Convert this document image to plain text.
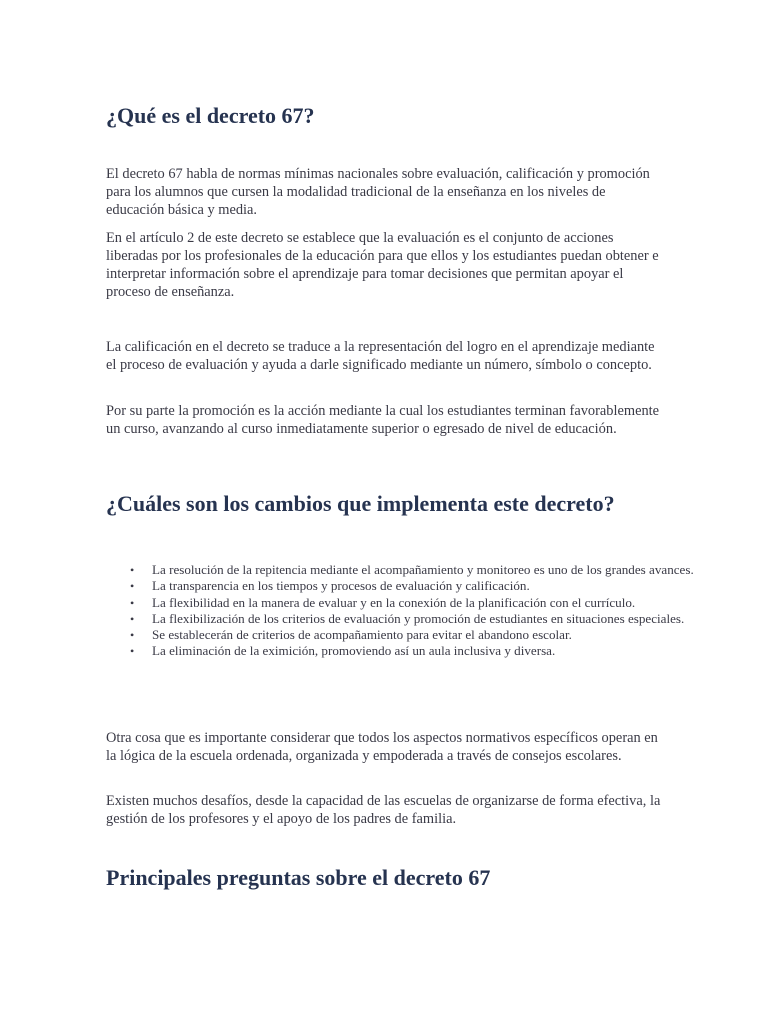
¿Qué es el decreto 67?

El decreto 67 habla de normas mínimas nacionales sobre evaluación, calificación y promoción para los alumnos que cursen la modalidad tradicional de la enseñanza en los niveles de educación básica y media.

En el artículo 2 de este decreto se establece que la evaluación es el conjunto de acciones liberadas por los profesionales de la educación para que ellos y los estudiantes puedan obtener e interpretar información sobre el aprendizaje para tomar decisiones que permitan apoyar el proceso de enseñanza.

La calificación en el decreto se traduce a la representación del logro en el aprendizaje mediante el proceso de evaluación y ayuda a darle significado mediante un número, símbolo o concepto.

Por su parte la promoción es la acción mediante la cual los estudiantes terminan favorablemente un curso, avanzando al curso inmediatamente superior o egresado de nivel de educación.

¿Cuáles son los cambios que implementa este decreto?
• La resolución de la repitencia mediante el acompañamiento y monitoreo es uno de los grandes avances.
• La transparencia en los tiempos y procesos de evaluación y calificación.
• La flexibilidad en la manera de evaluar y en la conexión de la planificación con el currículo.
• La flexibilización de los criterios de evaluación y promoción de estudiantes en situaciones especiales.
• Se establecerán de criterios de acompañamiento para evitar el abandono escolar.
• La eliminación de la eximición, promoviendo así un aula inclusiva y diversa.

Otra cosa que es importante considerar que todos los aspectos normativos específicos operan en la lógica de la escuela ordenada, organizada y empoderada a través de consejos escolares.

Existen muchos desafíos, desde la capacidad de las escuelas de organizarse de forma efectiva, la gestión de los profesores y el apoyo de los padres de familia.

Principales preguntas sobre el decreto 67
